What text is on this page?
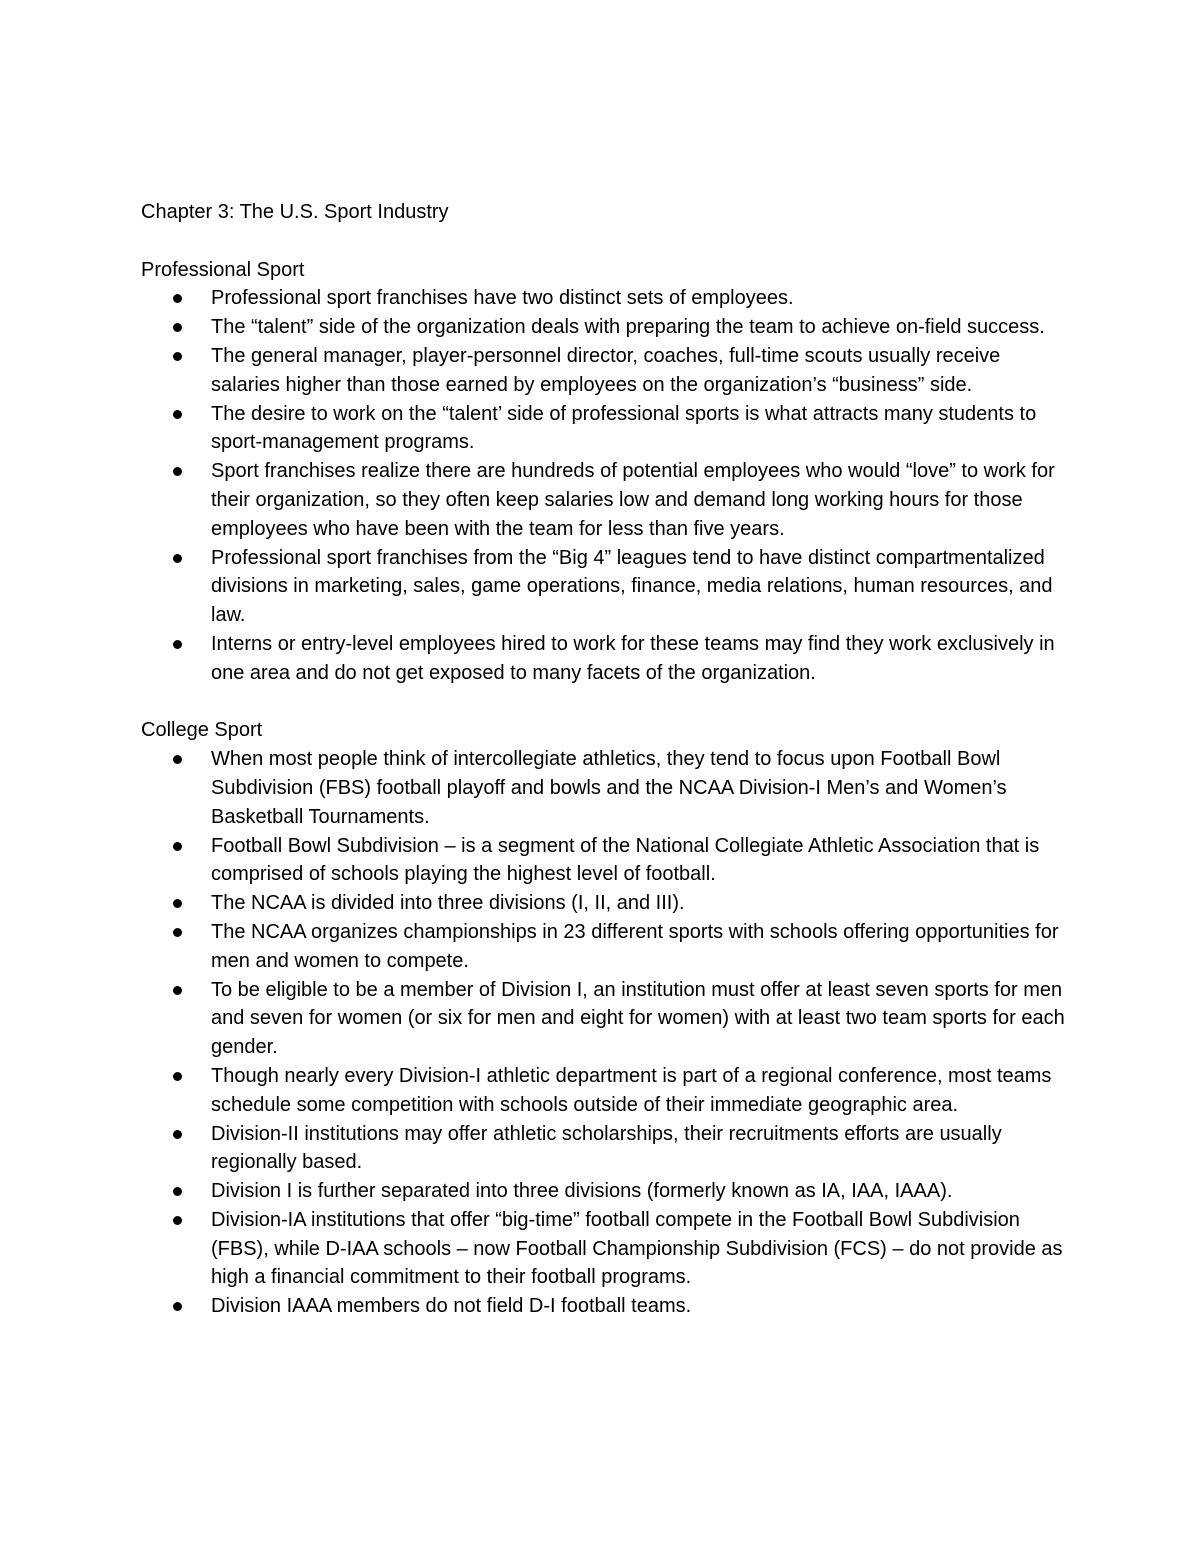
Chapter 3: The U.S. Sport Industry
Professional Sport
Professional sport franchises have two distinct sets of employees.
The “talent” side of the organization deals with preparing the team to achieve on-field success.
The general manager, player-personnel director, coaches, full-time scouts usually receive salaries higher than those earned by employees on the organization’s “business” side.
The desire to work on the “talent’ side of professional sports is what attracts many students to sport-management programs.
Sport franchises realize there are hundreds of potential employees who would “love” to work for their organization, so they often keep salaries low and demand long working hours for those employees who have been with the team for less than five years.
Professional sport franchises from the “Big 4” leagues tend to have distinct compartmentalized divisions in marketing, sales, game operations, finance, media relations, human resources, and law.
Interns or entry-level employees hired to work for these teams may find they work exclusively in one area and do not get exposed to many facets of the organization.
College Sport
When most people think of intercollegiate athletics, they tend to focus upon Football Bowl Subdivision (FBS) football playoff and bowls and the NCAA Division-I Men’s and Women’s Basketball Tournaments.
Football Bowl Subdivision – is a segment of the National Collegiate Athletic Association that is comprised of schools playing the highest level of football.
The NCAA is divided into three divisions (I, II, and III).
The NCAA organizes championships in 23 different sports with schools offering opportunities for men and women to compete.
To be eligible to be a member of Division I, an institution must offer at least seven sports for men and seven for women (or six for men and eight for women) with at least two team sports for each gender.
Though nearly every Division-I athletic department is part of a regional conference, most teams schedule some competition with schools outside of their immediate geographic area.
Division-II institutions may offer athletic scholarships, their recruitments efforts are usually regionally based.
Division I is further separated into three divisions (formerly known as IA, IAA, IAAA).
Division-IA institutions that offer “big-time” football compete in the Football Bowl Subdivision (FBS), while D-IAA schools – now Football Championship Subdivision (FCS) – do not provide as high a financial commitment to their football programs.
Division IAAA members do not field D-I football teams.
